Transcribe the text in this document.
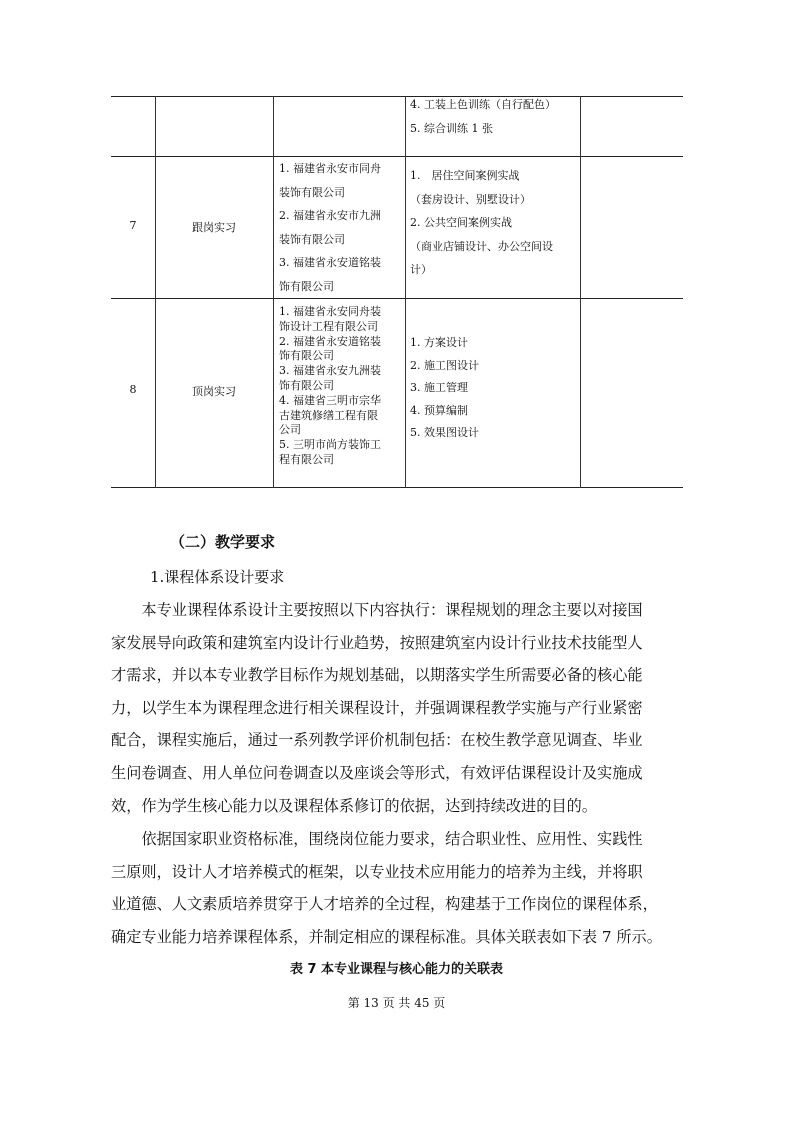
4. 工装上色训练（自行配色）
5. 综合训练 1 张
7	跟岗实习
1. 福建省永安市同舟
装饰有限公司
2. 福建省永安市九洲
装饰有限公司
3. 福建省永安道铭装
饰有限公司
1.　居住空间案例实战
（套房设计、别墅设计）
2. 公共空间案例实战
（商业店铺设计、办公空间设
计）
8	顶岗实习
1. 福建省永安同舟装
饰设计工程有限公司
2. 福建省永安道铭装
饰有限公司
3. 福建省永安九洲装
饰有限公司
4. 福建省三明市宗华
古建筑修缮工程有限
公司
5. 三明市尚方装饰工
程有限公司
1. 方案设计
2. 施工图设计
3. 施工管理
4. 预算编制
5. 效果图设计
（二）教学要求
1.课程体系设计要求
　　本专业课程体系设计主要按照以下内容执行：课程规划的理念主要以对接国
家发展导向政策和建筑室内设计行业趋势，按照建筑室内设计行业技术技能型人
才需求，并以本专业教学目标作为规划基础，以期落实学生所需要必备的核心能
力，以学生本为课程理念进行相关课程设计，并强调课程教学实施与产行业紧密
配合，课程实施后，通过一系列教学评价机制包括：在校生教学意见调查、毕业
生问卷调查、用人单位问卷调查以及座谈会等形式，有效评估课程设计及实施成
效，作为学生核心能力以及课程体系修订的依据，达到持续改进的目的。
　　依据国家职业资格标准，围绕岗位能力要求，结合职业性、应用性、实践性
三原则，设计人才培养模式的框架，以专业技术应用能力的培养为主线，并将职
业道德、人文素质培养贯穿于人才培养的全过程，构建基于工作岗位的课程体系，
确定专业能力培养课程体系，并制定相应的课程标准。具体关联表如下表 7 所示。
表 7 本专业课程与核心能力的关联表
第 13 页 共 45 页
